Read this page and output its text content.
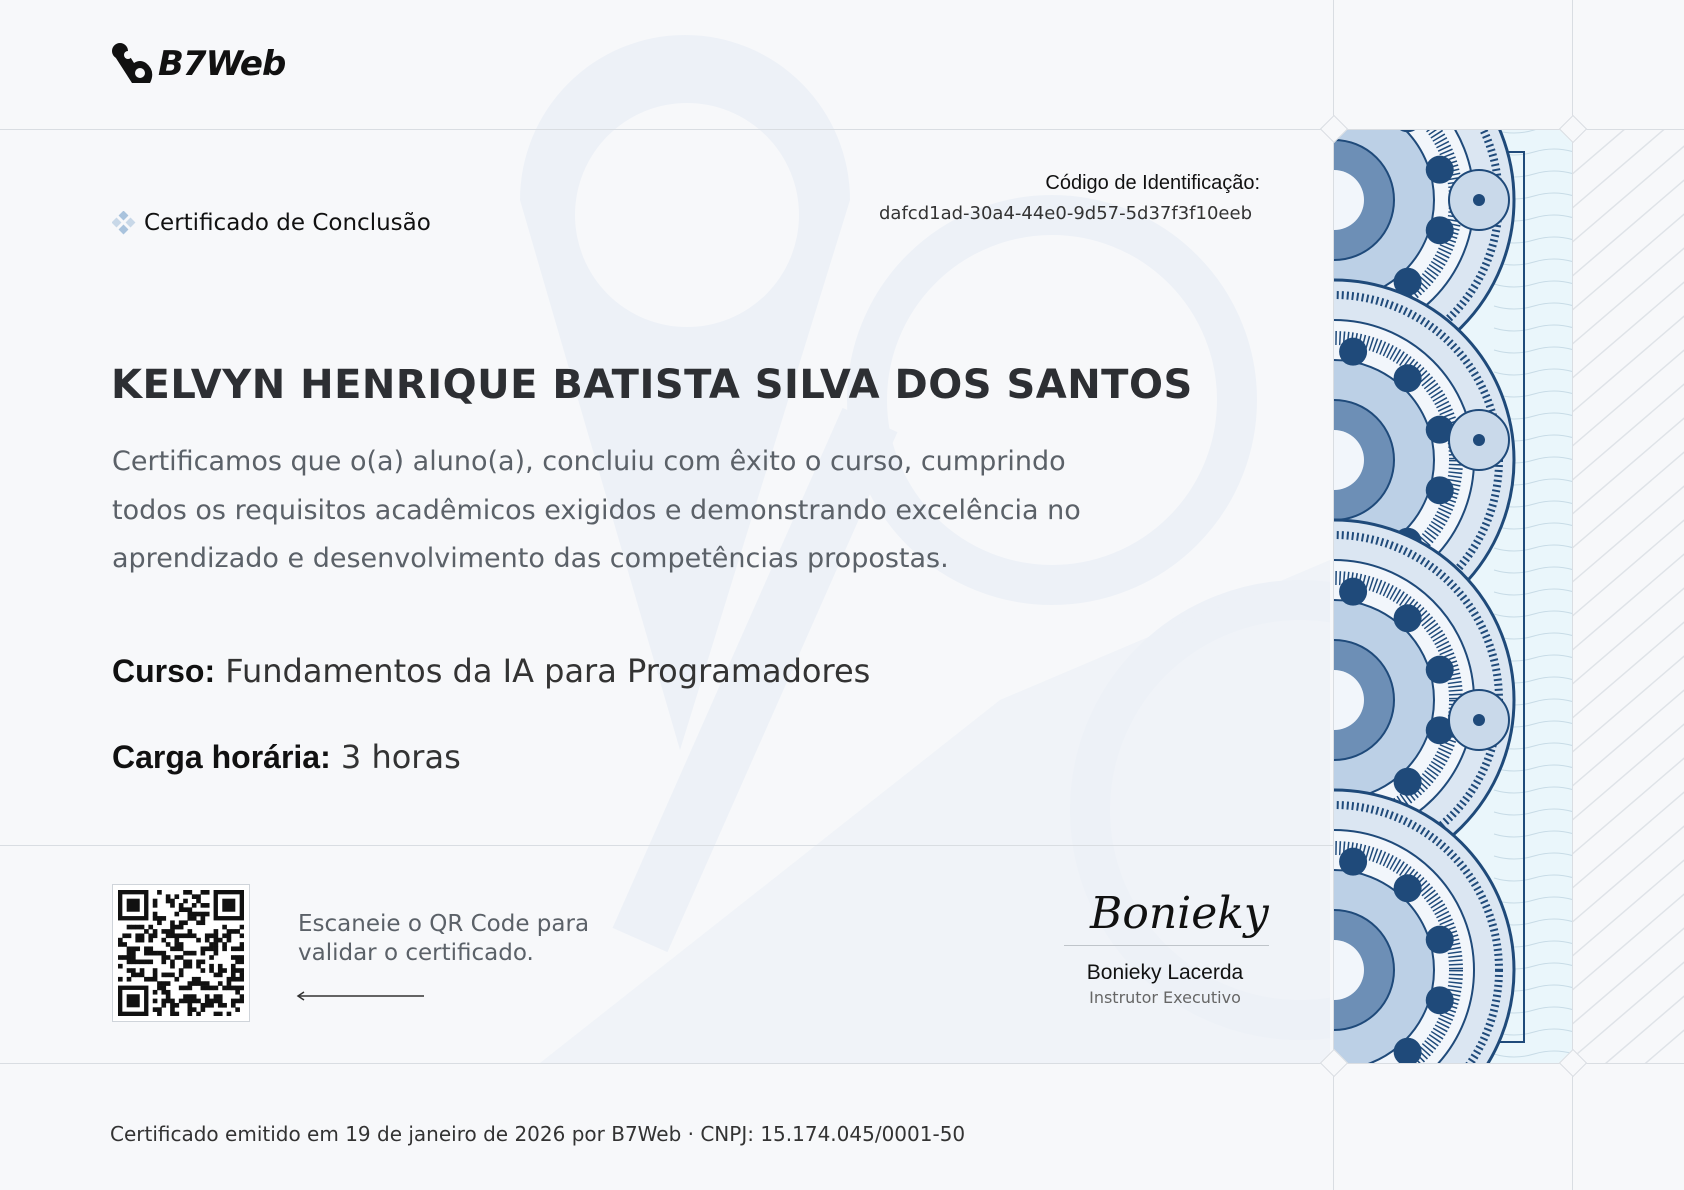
B7Web
Certificado de Conclusão
Código de Identificação:
dafcd1ad-30a4-44e0-9d57-5d37f3f10eeb
KELVYN HENRIQUE BATISTA SILVA DOS SANTOS
Certificamos que o(a) aluno(a), concluiu com êxito o curso, cumprindo todos os requisitos acadêmicos exigidos e demonstrando excelência no aprendizado e desenvolvimento das competências propostas.
Curso: Fundamentos da IA para Programadores
Carga horária: 3 horas
Escaneie o QR Code para validar o certificado.
Bonieky
Bonieky Lacerda
Instrutor Executivo
Certificado emitido em 19 de janeiro de 2026 por B7Web · CNPJ: 15.174.045/0001-50
